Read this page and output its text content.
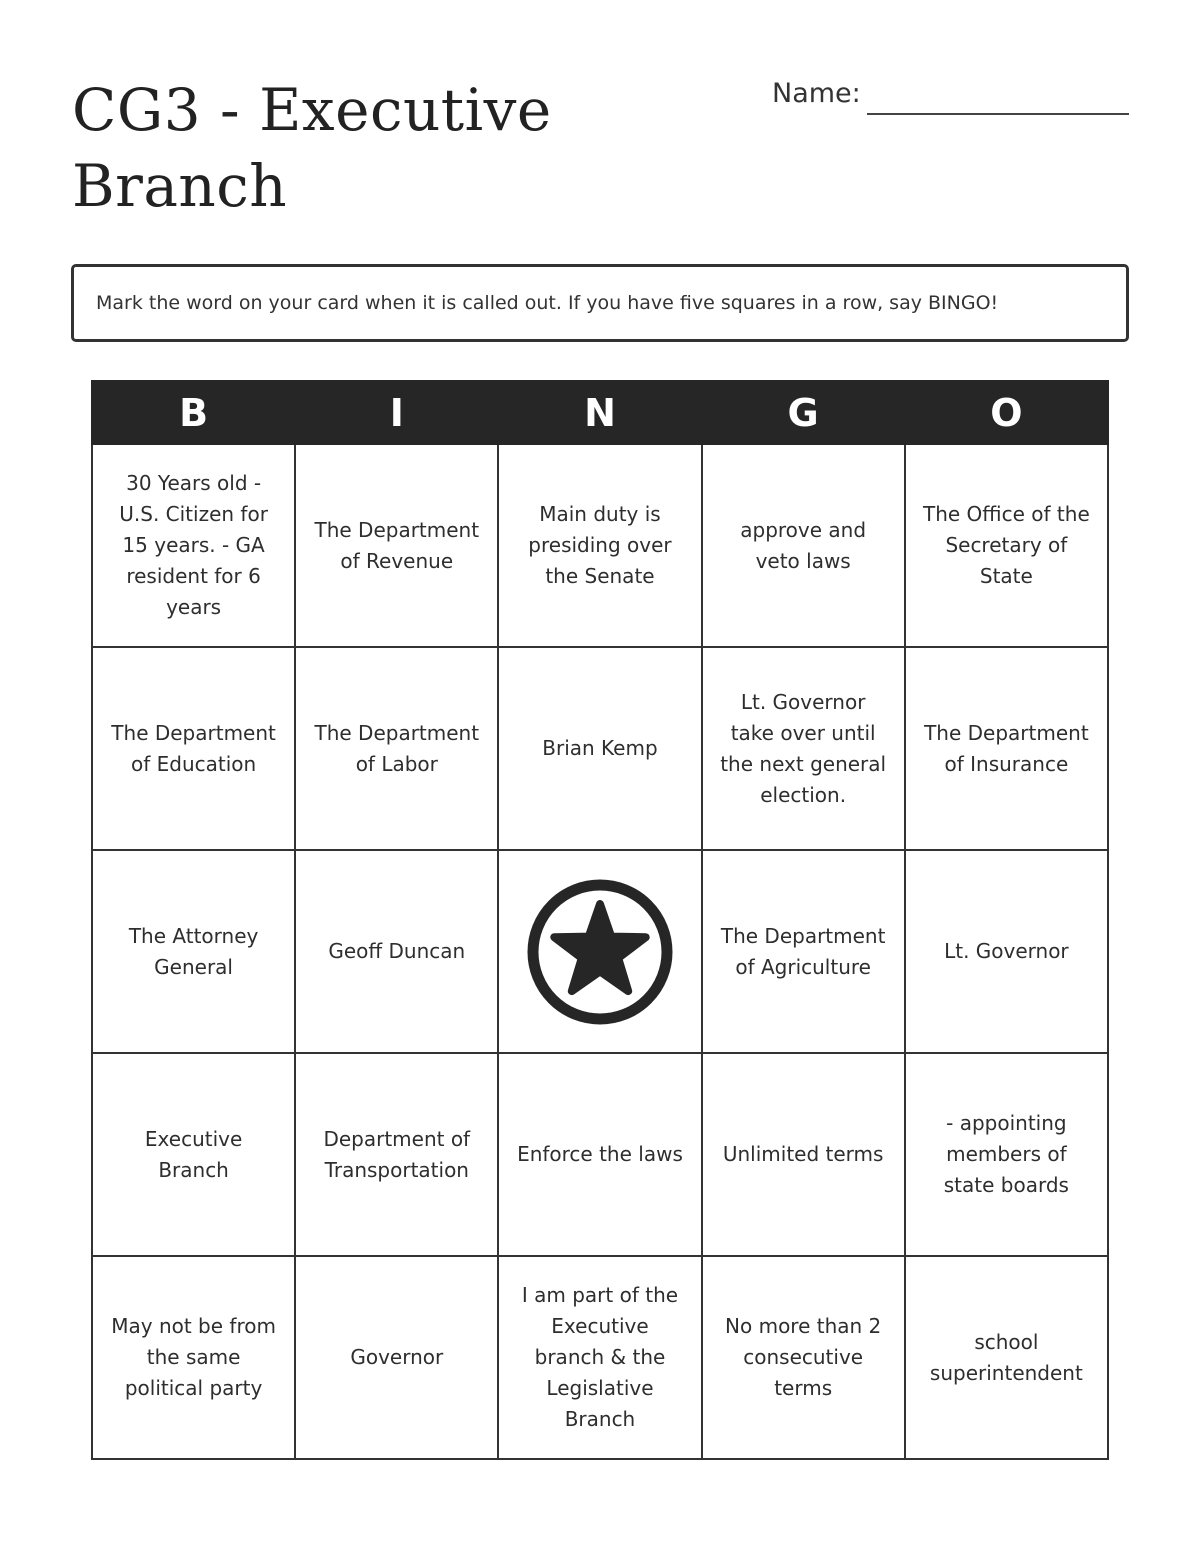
CG3 - Executive Branch
Name:
Mark the word on your card when it is called out. If you have five squares in a row, say BINGO!
B	I	N	G	O
30 Years old - U.S. Citizen for 15 years. - GA resident for 6 years	The Department of Revenue	Main duty is presiding over the Senate	approve and veto laws	The Office of the Secretary of State
The Department of Education	The Department of Labor	Brian Kemp	Lt. Governor take over until the next general election.	The Department of Insurance
The Attorney General	Geoff Duncan		The Department of Agriculture	Lt. Governor
Executive Branch	Department of Transportation	Enforce the laws	Unlimited terms	- appointing members of state boards
May not be from the same political party	Governor	I am part of the Executive branch & the Legislative Branch	No more than 2 consecutive terms	school superintendent
